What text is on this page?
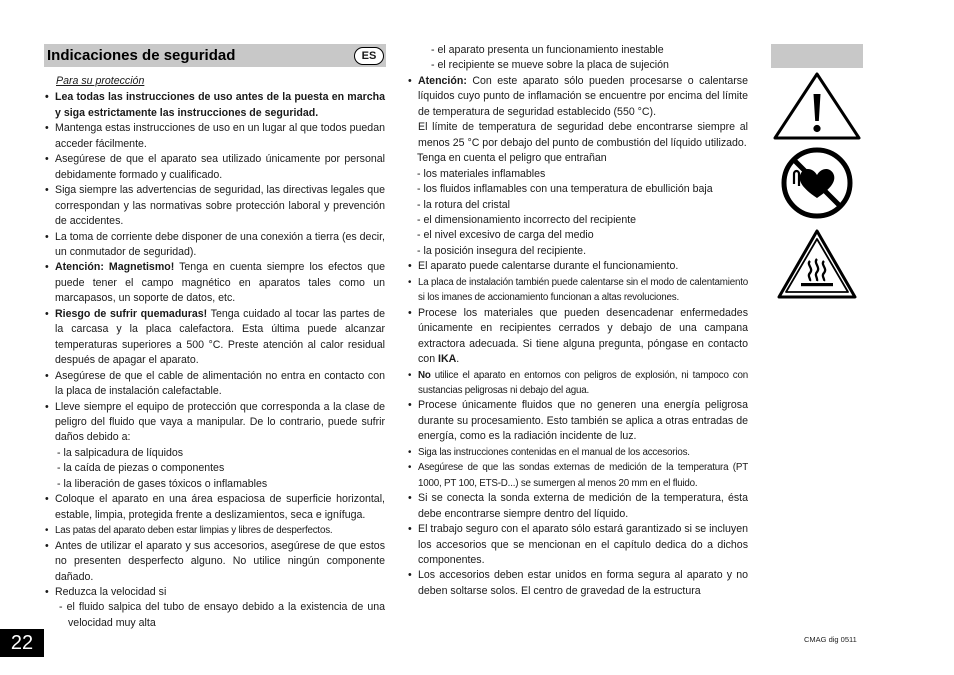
Indicaciones de seguridad	ES
Para su protección
• Lea todas las instrucciones de uso antes de la puesta en marcha y siga estrictamente las instrucciones de seguridad.
• Mantenga estas instrucciones de uso en un lugar al que todos puedan acceder fácilmente.
• Asegúrese de que el aparato sea utilizado únicamente por personal debidamente formado y cualificado.
• Siga siempre las advertencias de seguridad, las directivas legales que correspondan y las normativas sobre protección laboral y prevención de accidentes.
• La toma de corriente debe disponer de una conexión a tierra (es decir, un conmutador de seguridad).
• Atención: Magnetismo! Tenga en cuenta siempre los efectos que puede tener el campo magnético en aparatos tales como un marcapasos, un soporte de datos, etc.
• Riesgo de sufrir quemaduras! Tenga cuidado al tocar las partes de la carcasa y la placa calefactora. Esta última puede alcanzar temperaturas superiores a 500 °C. Preste atención al calor residual después de apagar el aparato.
• Asegúrese de que el cable de alimentación no entra en contacto con la placa de instalación calefactable.
• Lleve siempre el equipo de protección que corresponda a la clase de peligro del fluido que vaya a manipular. De lo contrario, puede sufrir daños debido a:
- la salpicadura de líquidos
- la caída de piezas o componentes
- la liberación de gases tóxicos o inflamables
• Coloque el aparato en una área espaciosa de superficie horizontal, estable, limpia, protegida frente a deslizamientos, seca e ignífuga.
• Las patas del aparato deben estar limpias y libres de desperfectos.
• Antes de utilizar el aparato y sus accesorios, asegúrese de que estos no presenten desperfecto alguno. No utilice ningún componente dañado.
• Reduzca la velocidad si
- el fluido salpica del tubo de ensayo debido a la existencia de una velocidad muy alta
- el aparato presenta un funcionamiento inestable
- el recipiente se mueve sobre la placa de sujeción
• Atención: Con este aparato sólo pueden procesarse o calentarse líquidos cuyo punto de inflamación se encuentre por encima del límite de temperatura de seguridad establecido (550 °C).
El límite de temperatura de seguridad debe encontrarse siempre al menos 25 °C por debajo del punto de combustión del líquido utilizado.
Tenga en cuenta el peligro que entrañan
- los materiales inflamables
- los fluidos inflamables con una temperatura de ebullición baja
- la rotura del cristal
- el dimensionamiento incorrecto del recipiente
- el nivel excesivo de carga del medio
- la posición insegura del recipiente.
• El aparato puede calentarse durante el funcionamiento.
• La placa de instalación también puede calentarse sin el modo de calentamiento si los imanes de accionamiento funcionan a altas revoluciones.
• Procese los materiales que pueden desencadenar enfermedades únicamente en recipientes cerrados y debajo de una campana extractora adecuada. Si tiene alguna pregunta, póngase en contacto con IKA.
• No utilice el aparato en entornos con peligros de explosión, ni tampoco con sustancias peligrosas ni debajo del agua.
• Procese únicamente fluidos que no generen una energía peligrosa durante su procesamiento. Esto también se aplica a otras entradas de energía, como es la radiación incidente de luz.
• Siga las instrucciones contenidas en el manual de los accesorios.
• Asegúrese de que las sondas externas de medición de la temperatura (PT 1000, PT 100, ETS-D...) se sumergen al menos 20 mm en el fluido.
• Si se conecta la sonda externa de medición de la temperatura, ésta debe encontrarse siempre dentro del líquido.
• El trabajo seguro con el aparato sólo estará garantizado si se incluyen los accesorios que se mencionan en el capítulo dedica do a dichos componentes.
• Los accesorios deben estar unidos en forma segura al aparato y no deben soltarse solos. El centro de gravedad de la estructura
22	CMAG dig 0511
